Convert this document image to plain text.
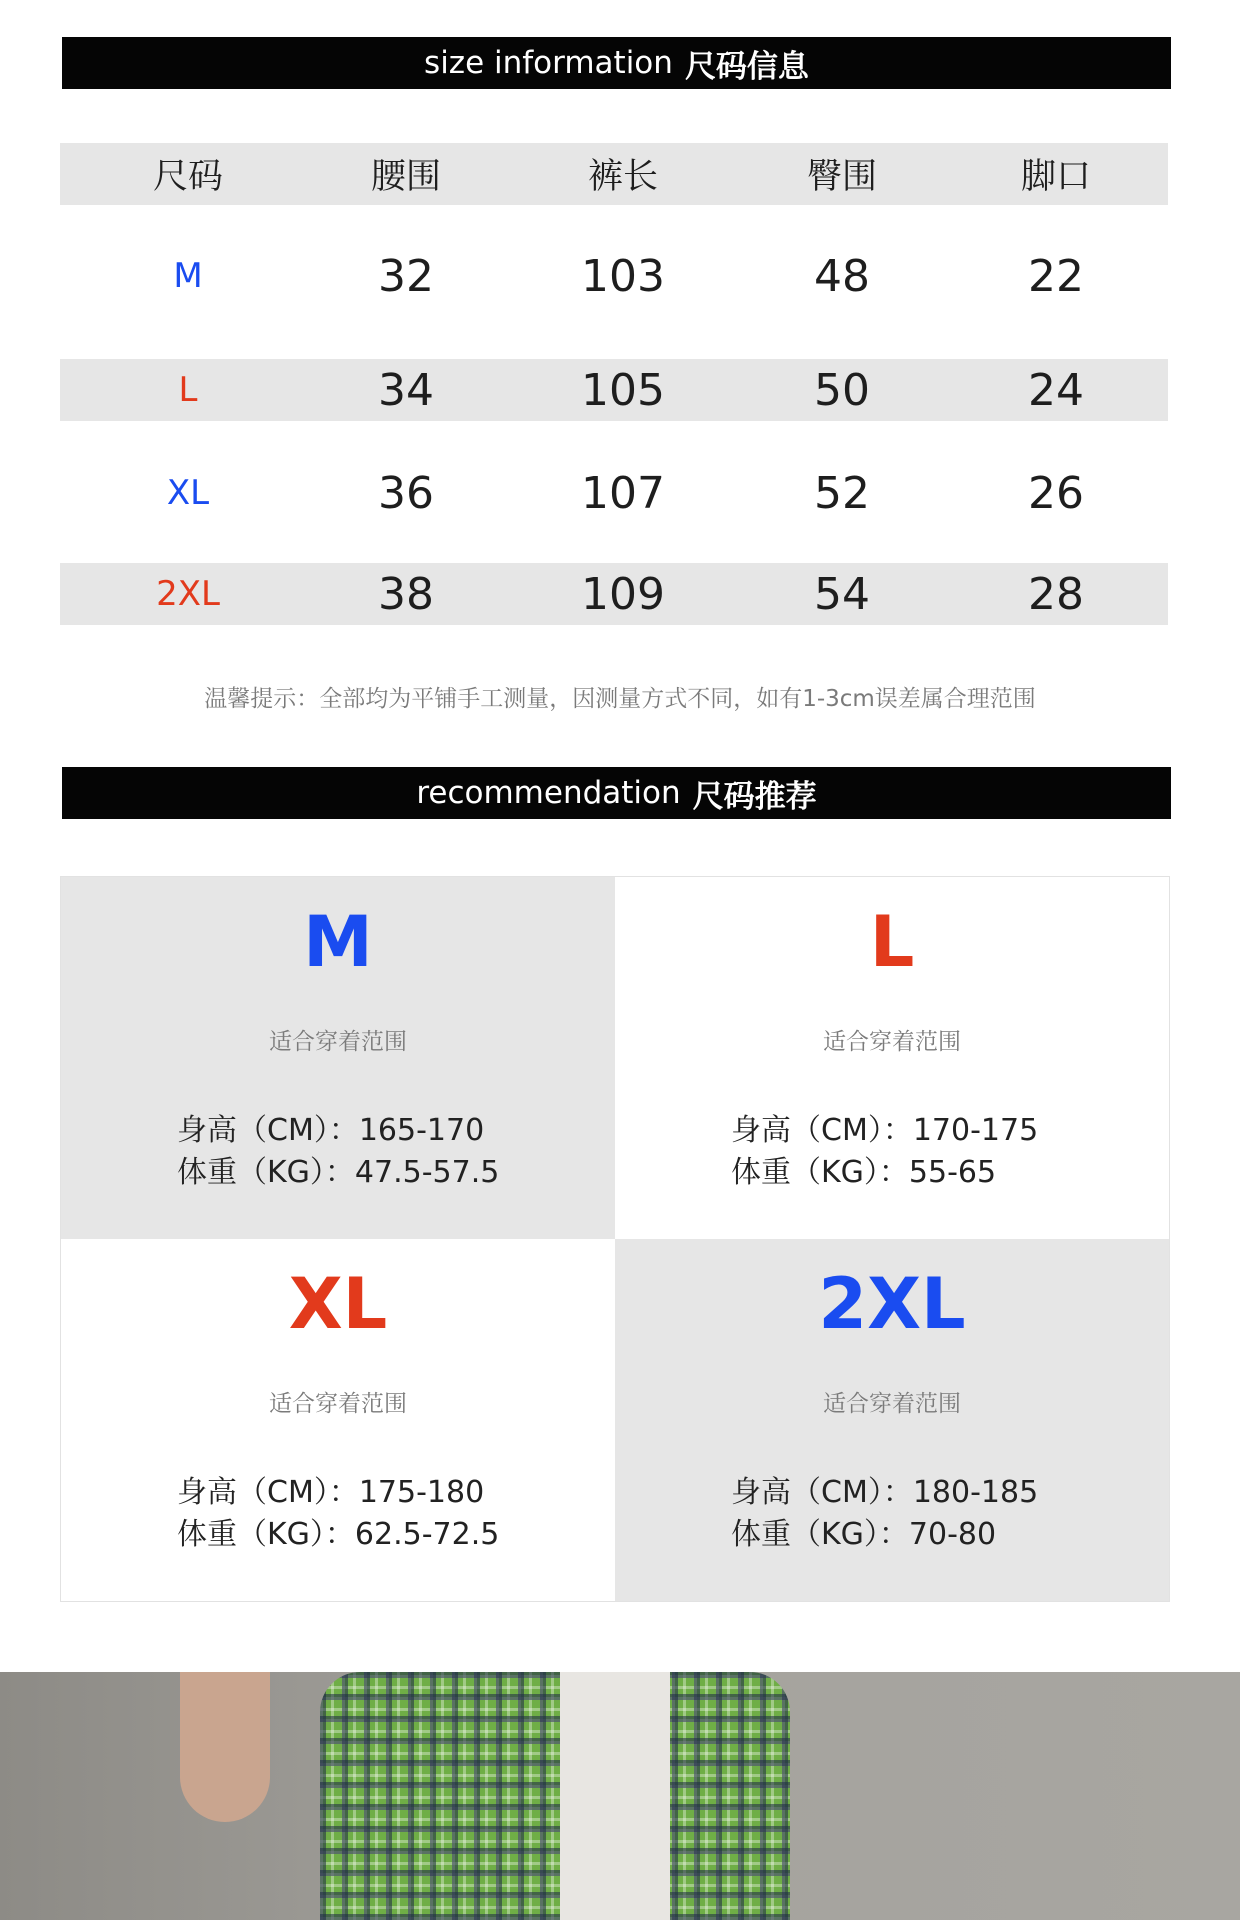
size information 尺码信息
尺码	腰围	裤长	臀围	脚口
M	32	103	48	22
L	34	105	50	24
XL	36	107	52	26
2XL	38	109	54	28
温馨提示：全部均为平铺手工测量，因测量方式不同，如有1-3cm误差属合理范围
recommendation 尺码推荐
M
适合穿着范围
身高（CM）：165-170
体重（KG）：47.5-57.5
L
适合穿着范围
身高（CM）：170-175
体重（KG）：55-65
XL
适合穿着范围
身高（CM）：175-180
体重（KG）：62.5-72.5
2XL
适合穿着范围
身高（CM）：180-185
体重（KG）：70-80
